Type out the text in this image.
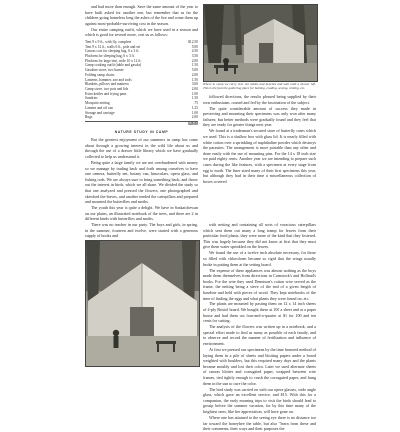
and had more than enough. Save the same amount of the year to have built asked for another one, but remember that as far the children going homeless long the ashes of the fire and come them up against most-probable-surviving cost in the season.

Our entire camping outfit, which we have used in a season and which is good for several more, cost us as follows:

Tent 9 x 9 ft., with fly, complete	$12.50
Tent 9 x 12 ft., walls 6 ft., pole and set	5.00
Canvas cots for sleeping bag, 6 x 3 ft.	4.50
Platform for sleeping bag, 6 x 3 ft.	3.50
Platform for large tent, wide 10 x 12 ft.	2.00
Camp cooking outfit (table and gasola)	1.50
Gasoline stove, two burner	5.00
Folding camp chairs	2.00
Lanterns, hammer, axe and tools	1.50
Blankets, pillows and mattress	3.00
Camp stove, two pots and lids	2.00
Extra kettles and frying pans	1.00
Sundries	1.50
Mosquito netting	.75
Lantern and oil can	1.25
Storage and carriage	1.00
Rugs	2.00
$49.00
NATURE STUDY IN CAMP

But the greatest enjoyment of our summers in camp has come about through a growing interest in the wild life about us and through the use of a drawer little library which we have gradually collected to help us understand it.

Being quite a large family we are not overburdened with money so we manage by trading back and forth among ourselves to have one camera, butterfly net, botany can, binoculars, opera glass, and fishing rods. We are always sure to bring something back, and throw out the interest in birds, which we all share. We divided the study so that one analyzed and pressed the flowers, one photographed and sketched the leaves, and another tended the caterpillars and prepared and mounted the butterflies and moths.

The youth this year is quite a delight. We have in Saskatchewan on our plains, an illustrated notebook of the trees, and there are 2 in different kinds with butterflies and moths.

There was no teacher in our party. The boys and girls, in spring, in the summer, fourteen and twelve, were started with a generous supply of books and

Where in camp we carry over our tables and benches and wait until a shower left. This is the favorite gathering place for bathing, reading, sewing, visiting, etc.

followed directions, the results pleased being supplied by their own enthusiasm, roused and fed by the fascination of the subject.

The quite considerable amount of success they made in preserving and mounting their specimens was only won after many failures; but better methods were gradually found and they feel that they are ready for greater things next year.

We found at a tradesman's secured store of butterfly cases which we used. This is a shallow box with glass lid. It is nearly filled with white cotton over a sprinkling of naphthaline powder which destroys the parasites. The arrangement is more portable than any other and done easily with the use of mounting pins. For the 14 x 18 inch size we paid eighty cents. Another year we are intending to prepare such cases during the like features, with a specimen at every stage from egg to moth. The finer sized many of their first specimens this year, but although they had in their time a miscellaneous collection of boxes covered

with netting and containing all sorts of voracious caterpillars which sent them out many a long tramp for leaves from their particular food plants, they were none of the kind that they fostered. This was largely because they did not know at first that they must give them water sprinkled on the leaves.

We found the use of a twelve inch absolute necessary, for those so filled with chloroform became so rigid that the wings usually broke in putting them at the setting board.

The expense of these appliances was almost nothing as the boys made them themselves from directions in Comstock's and Holland's books. For the wire they used Dennison's cotton wire served as the frame, the netting being a sieve of the end of a given length of baseline and held with pieces of wood. They kept notebooks of the time of finding the eggs and what plants they were found on, etc.

The plants are mounted by pasting them on 12 x 14 inch sheets of 4-ply Bristol board. We bought these at 10¢ a sheet and at a paper house and had them cut four-and-a-quarter at $1 for 100 and ten cents for cutting.

The analysis of the flowers was written up in a notebook, and a special effort made to find as many as possible of each family, and to observe and record the manner of fertilization and influence of environment.

At first we pressed our specimens by the time honored method of laying them in a pile of sheets and blotting papers under a board weighted with boulders, but this required many days and the plants became mouldy and lost their color. Later we used alternate sheets of canvas blotter and corrugated paper, wrapped between wire frames, tied tightly enough to crush the corrugated paper, and hung them in the sun to cure the color.

The bird study was carried on with our opera glasses, wide angle glass, which gave an excellent service, and $15. With this for a companion, the early morning trips to visit the birds should lead to gossip before the summer vacation, for by this time many of the brightest ones, like her appreciation, will have gone on.

Where one has attained to the seeing eye there is no distance too far toward the honeybee the table, but also "learn from these and their comments, their ways and their purposes the
